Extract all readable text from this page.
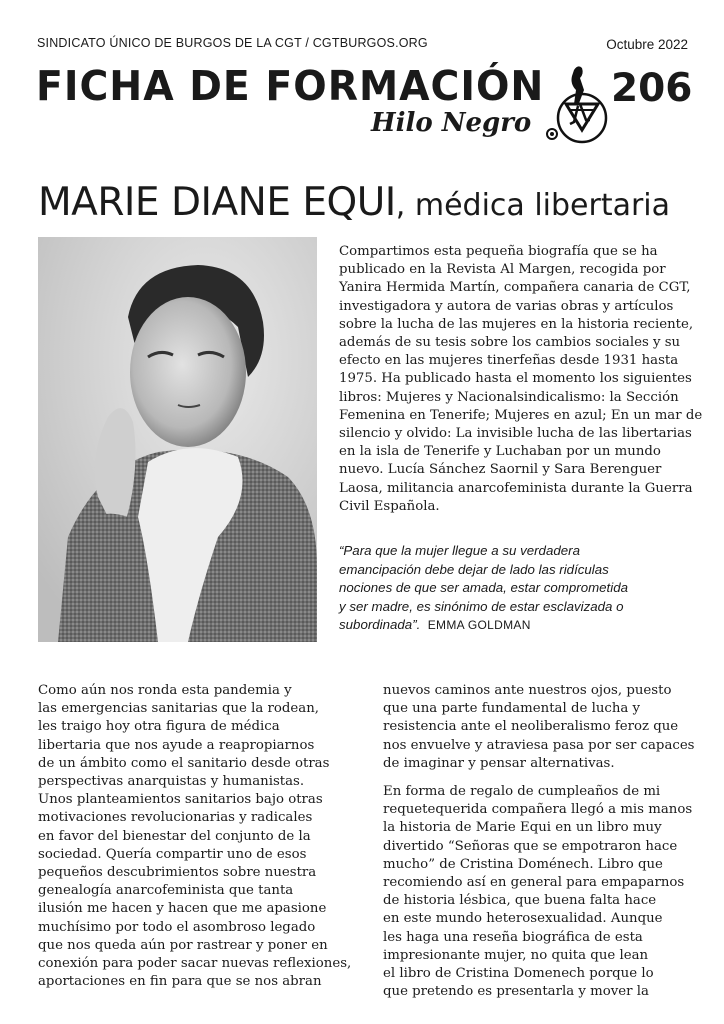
SINDICATO ÚNICO DE BURGOS DE LA CGT / CGTBURGOS.ORG	Octubre 2022
FICHA DE FORMACIÓN
Hilo Negro
206
MARIE DIANE EQUI, médica libertaria
Compartimos esta pequeña biografía que se ha
publicado en la Revista Al Margen, recogida por
Yanira Hermida Martín, compañera canaria de CGT,
investigadora y autora de varias obras y artículos
sobre la lucha de las mujeres en la historia reciente,
además de su tesis sobre los cambios sociales y su
efecto en las mujeres tinerfeñas desde 1931 hasta
1975. Ha publicado hasta el momento los siguientes
libros: Mujeres y Nacionalsindicalismo: la Sección
Femenina en Tenerife; Mujeres en azul; En un mar de
silencio y olvido: La invisible lucha de las libertarias
en la isla de Tenerife y Luchaban por un mundo
nuevo. Lucía Sánchez Saornil y Sara Berenguer
Laosa, militancia anarcofeminista durante la Guerra
Civil Española.
“Para que la mujer llegue a su verdadera
emancipación debe dejar de lado las ridículas
nociones de que ser amada, estar comprometida
y ser madre, es sinónimo de estar esclavizada o
subordinada”. EMMA GOLDMAN

Como aún nos ronda esta pandemia y
las emergencias sanitarias que la rodean,
les traigo hoy otra figura de médica
libertaria que nos ayude a reapropiarnos
de un ámbito como el sanitario desde otras
perspectivas anarquistas y humanistas.
Unos planteamientos sanitarios bajo otras
motivaciones revolucionarias y radicales
en favor del bienestar del conjunto de la
sociedad. Quería compartir uno de esos
pequeños descubrimientos sobre nuestra
genealogía anarcofeminista que tanta
ilusión me hacen y hacen que me apasione
muchísimo por todo el asombroso legado
que nos queda aún por rastrear y poner en
conexión para poder sacar nuevas reflexiones,
aportaciones en fin para que se nos abran

nuevos caminos ante nuestros ojos, puesto
que una parte fundamental de lucha y
resistencia ante el neoliberalismo feroz que
nos envuelve y atraviesa pasa por ser capaces
de imaginar y pensar alternativas.

En forma de regalo de cumpleaños de mi
requetequerida compañera llegó a mis manos
la historia de Marie Equi en un libro muy
divertido “Señoras que se empotraron hace
mucho” de Cristina Doménech. Libro que
recomiendo así en general para empaparnos
de historia lésbica, que buena falta hace
en este mundo heterosexualidad. Aunque
les haga una reseña biográfica de esta
impresionante mujer, no quita que lean
el libro de Cristina Domenech porque lo
que pretendo es presentarla y mover la
